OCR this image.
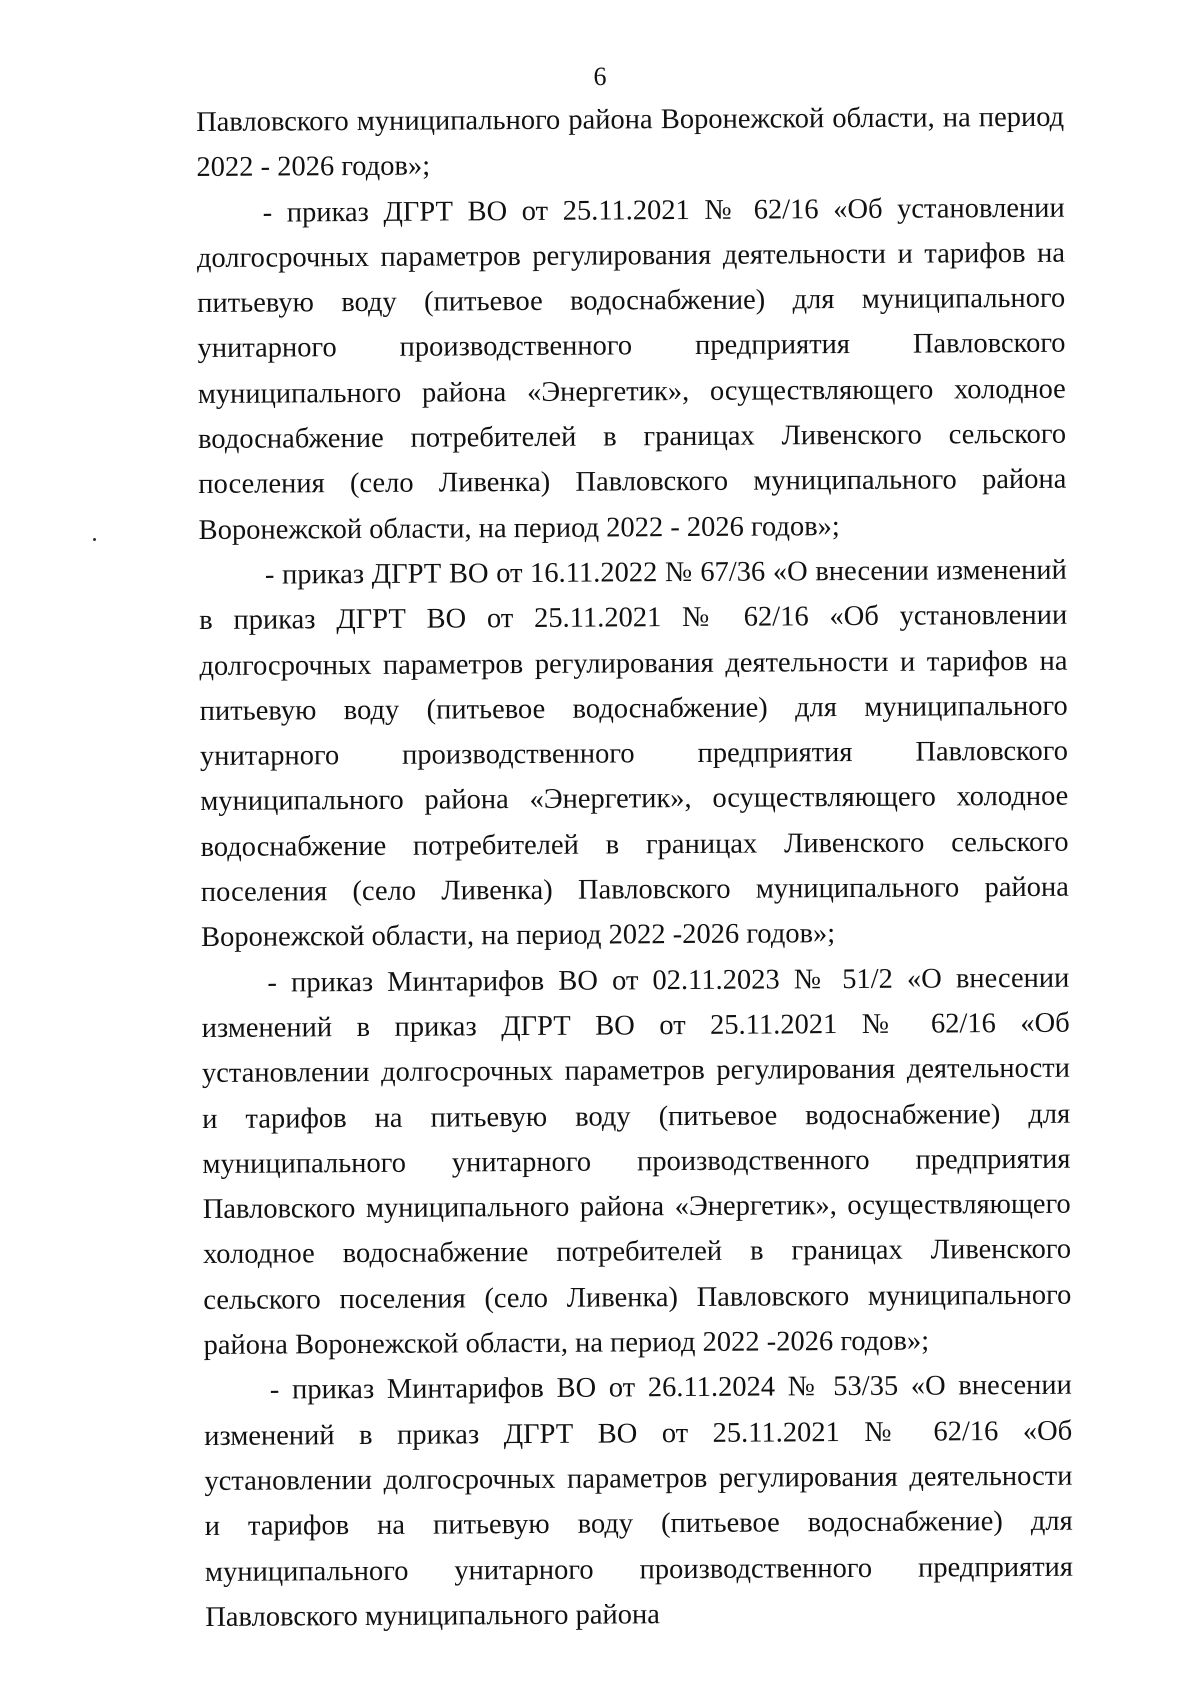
6

Павловского муниципального района Воронежской области, на период 2022 - 2026 годов»;

- приказ ДГРТ ВО от 25.11.2021 № 62/16 «Об установлении долгосрочных параметров регулирования деятельности и тарифов на питьевую воду (питьевое водоснабжение) для муниципального унитарного производственного предприятия Павловского муниципального района «Энергетик», осуществляющего холодное водоснабжение потребителей в границах Ливенского сельского поселения (село Ливенка) Павловского муниципального района Воронежской области, на период 2022 - 2026 годов»;

- приказ ДГРТ ВО от 16.11.2022 № 67/36 «О внесении изменений в приказ ДГРТ ВО от 25.11.2021 № 62/16 «Об установлении долгосрочных параметров регулирования деятельности и тарифов на питьевую воду (питьевое водоснабжение) для муниципального унитарного производственного предприятия Павловского муниципального района «Энергетик», осуществляющего холодное водоснабжение потребителей в границах Ливенского сельского поселения (село Ливенка) Павловского муниципального района Воронежской области, на период 2022 -2026 годов»;

- приказ Минтарифов ВО от 02.11.2023 № 51/2 «О внесении изменений в приказ ДГРТ ВО от 25.11.2021 № 62/16 «Об установлении долгосрочных параметров регулирования деятельности и тарифов на питьевую воду (питьевое водоснабжение) для муниципального унитарного производственного предприятия Павловского муниципального района «Энергетик», осуществляющего холодное водоснабжение потребителей в границах Ливенского сельского поселения (село Ливенка) Павловского муниципального района Воронежской области, на период 2022 -2026 годов»;

- приказ Минтарифов ВО от 26.11.2024 № 53/35 «О внесении изменений в приказ ДГРТ ВО от 25.11.2021 № 62/16 «Об установлении долгосрочных параметров регулирования деятельности и тарифов на питьевую воду (питьевое водоснабжение) для муниципального унитарного производственного предприятия Павловского муниципального района
